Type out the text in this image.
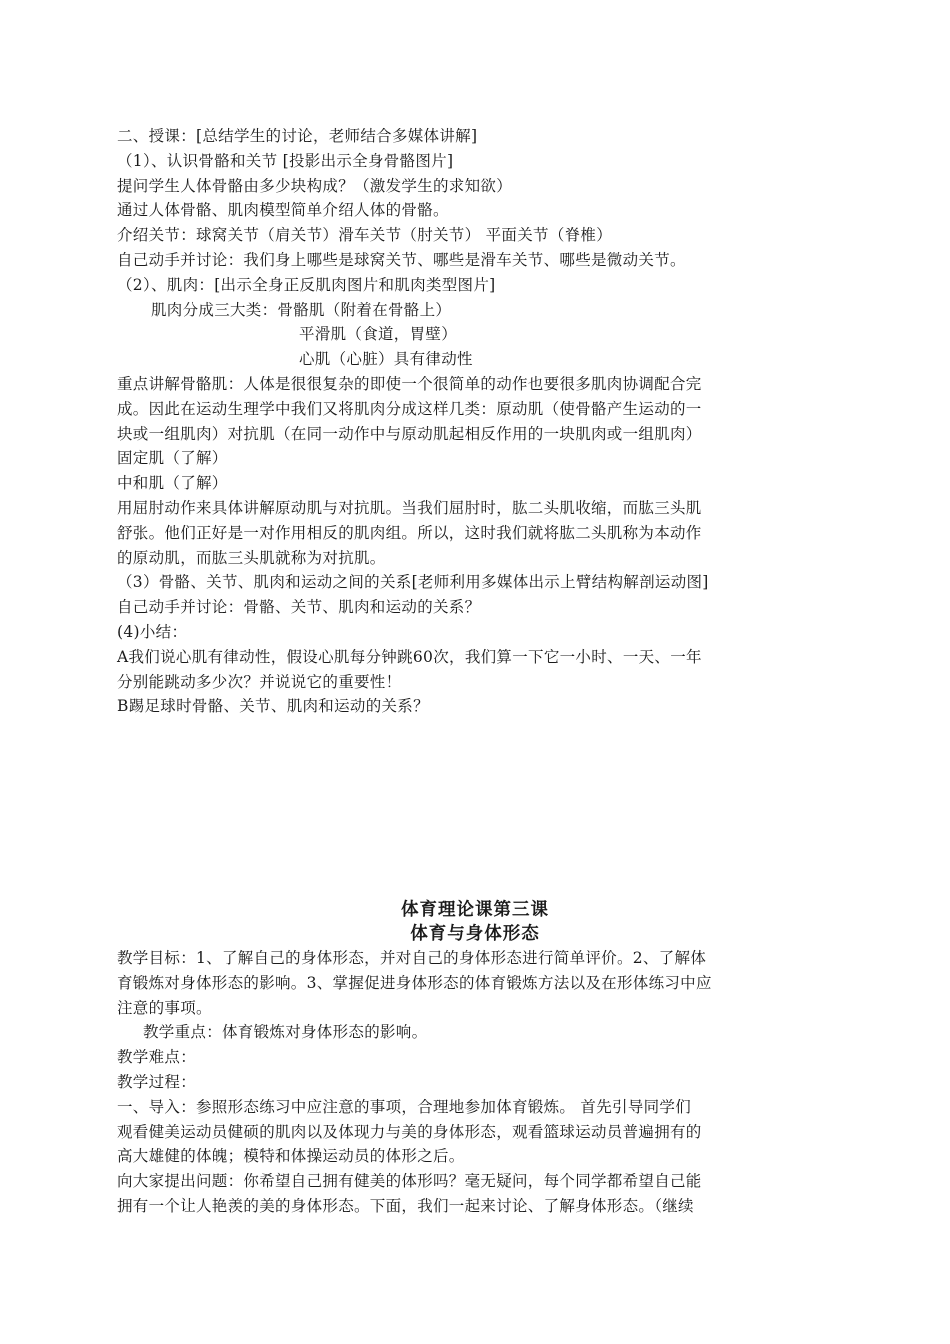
二、授课：[总结学生的讨论，老师结合多媒体讲解]
（1）、认识骨骼和关节 [投影出示全身骨骼图片]
提问学生人体骨骼由多少块构成？（激发学生的求知欲）
通过人体骨骼、肌肉模型简单介绍人体的骨骼。
介绍关节：球窝关节（肩关节）滑车关节（肘关节） 平面关节（脊椎）
自己动手并讨论：我们身上哪些是球窝关节、哪些是滑车关节、哪些是微动关节。
（2）、肌肉：[出示全身正反肌肉图片和肌肉类型图片]
肌肉分成三大类：骨骼肌（附着在骨骼上）
平滑肌（食道，胃壁）
心肌（心脏）具有律动性
重点讲解骨骼肌：人体是很很复杂的即使一个很简单的动作也要很多肌肉协调配合完
成。因此在运动生理学中我们又将肌肉分成这样几类：原动肌（使骨骼产生运动的一
块或一组肌肉）对抗肌（在同一动作中与原动肌起相反作用的一块肌肉或一组肌肉）
固定肌（了解）
中和肌（了解）
用屈肘动作来具体讲解原动肌与对抗肌。当我们屈肘时，肱二头肌收缩，而肱三头肌
舒张。他们正好是一对作用相反的肌肉组。所以，这时我们就将肱二头肌称为本动作
的原动肌，而肱三头肌就称为对抗肌。
（3）骨骼、关节、肌肉和运动之间的关系[老师利用多媒体出示上臂结构解剖运动图]
自己动手并讨论：骨骼、关节、肌肉和运动的关系？
(4)小结：
A我们说心肌有律动性，假设心肌每分钟跳60次，我们算一下它一小时、一天、一年
分别能跳动多少次？并说说它的重要性！
B踢足球时骨骼、关节、肌肉和运动的关系？
体育理论课第三课
体育与身体形态
教学目标：1、了解自己的身体形态，并对自己的身体形态进行简单评价。2、了解体
育锻炼对身体形态的影响。3、掌握促进身体形态的体育锻炼方法以及在形体练习中应
注意的事项。
教学重点：体育锻炼对身体形态的影响。
教学难点：
教学过程：
一、导入：参照形态练习中应注意的事项，合理地参加体育锻炼。 首先引导同学们
观看健美运动员健硕的肌肉以及体现力与美的身体形态，观看篮球运动员普遍拥有的
高大雄健的体魄；模特和体操运动员的体形之后。
向大家提出问题：你希望自己拥有健美的体形吗？毫无疑问，每个同学都希望自己能
拥有一个让人艳羡的美的身体形态。下面，我们一起来讨论、了解身体形态。（继续
